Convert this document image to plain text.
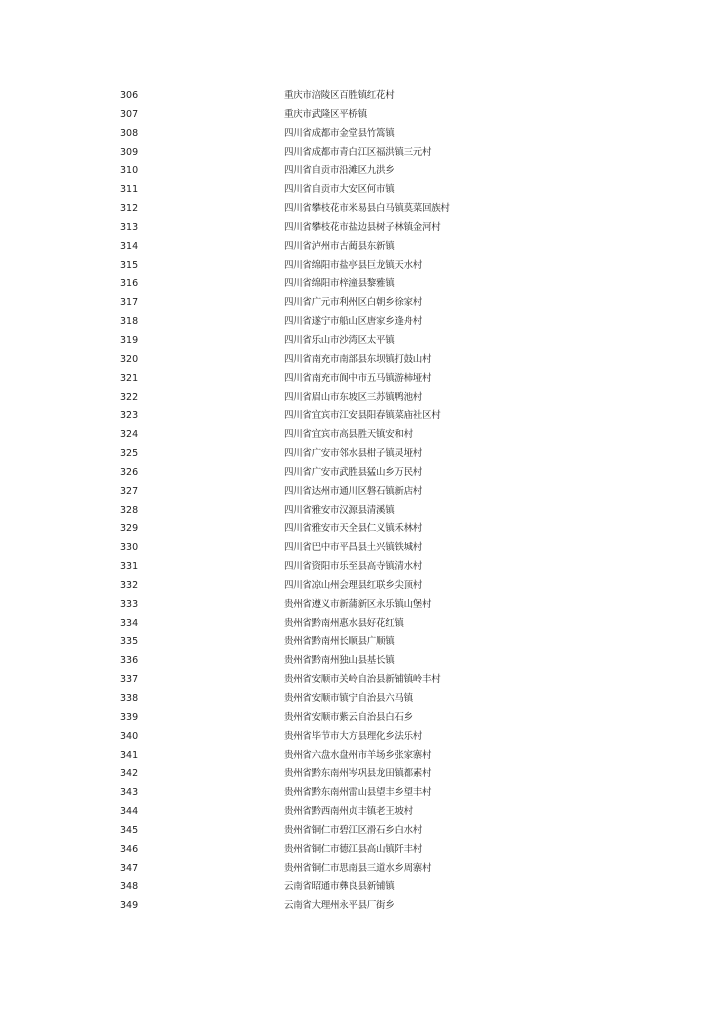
306	重庆市涪陵区百胜镇红花村
307	重庆市武隆区平桥镇
308	四川省成都市金堂县竹篙镇
309	四川省成都市青白江区福洪镇三元村
310	四川省自贡市沿滩区九洪乡
311	四川省自贡市大安区何市镇
312	四川省攀枝花市米易县白马镇莫菜回族村
313	四川省攀枝花市盐边县树子林镇金河村
314	四川省泸州市古蔺县东新镇
315	四川省绵阳市盐亭县巨龙镇天水村
316	四川省绵阳市梓潼县黎雅镇
317	四川省广元市利州区白朝乡徐家村
318	四川省遂宁市船山区唐家乡逢舟村
319	四川省乐山市沙湾区太平镇
320	四川省南充市南部县东坝镇打鼓山村
321	四川省南充市阆中市五马镇游柿垭村
322	四川省眉山市东坡区三苏镇鸭池村
323	四川省宜宾市江安县阳春镇菜庙社区村
324	四川省宜宾市高县胜天镇安和村
325	四川省广安市邻水县柑子镇灵垭村
326	四川省广安市武胜县猛山乡万民村
327	四川省达州市通川区磐石镇新店村
328	四川省雅安市汉源县清溪镇
329	四川省雅安市天全县仁义镇禾林村
330	四川省巴中市平昌县土兴镇铁城村
331	四川省资阳市乐至县高寺镇清水村
332	四川省凉山州会理县红联乡尖顶村
333	贵州省遵义市新蒲新区永乐镇山堡村
334	贵州省黔南州惠水县好花红镇
335	贵州省黔南州长顺县广顺镇
336	贵州省黔南州独山县基长镇
337	贵州省安顺市关岭自治县新铺镇岭丰村
338	贵州省安顺市镇宁自治县六马镇
339	贵州省安顺市紫云自治县白石乡
340	贵州省毕节市大方县理化乡法乐村
341	贵州省六盘水盘州市羊场乡张家寨村
342	贵州省黔东南州岑巩县龙田镇都素村
343	贵州省黔东南州雷山县望丰乡望丰村
344	贵州省黔西南州贞丰镇老王坡村
345	贵州省铜仁市碧江区滑石乡白水村
346	贵州省铜仁市德江县高山镇阡丰村
347	贵州省铜仁市思南县三道水乡周寨村
348	云南省昭通市彝良县新铺镇
349	云南省大理州永平县厂街乡
